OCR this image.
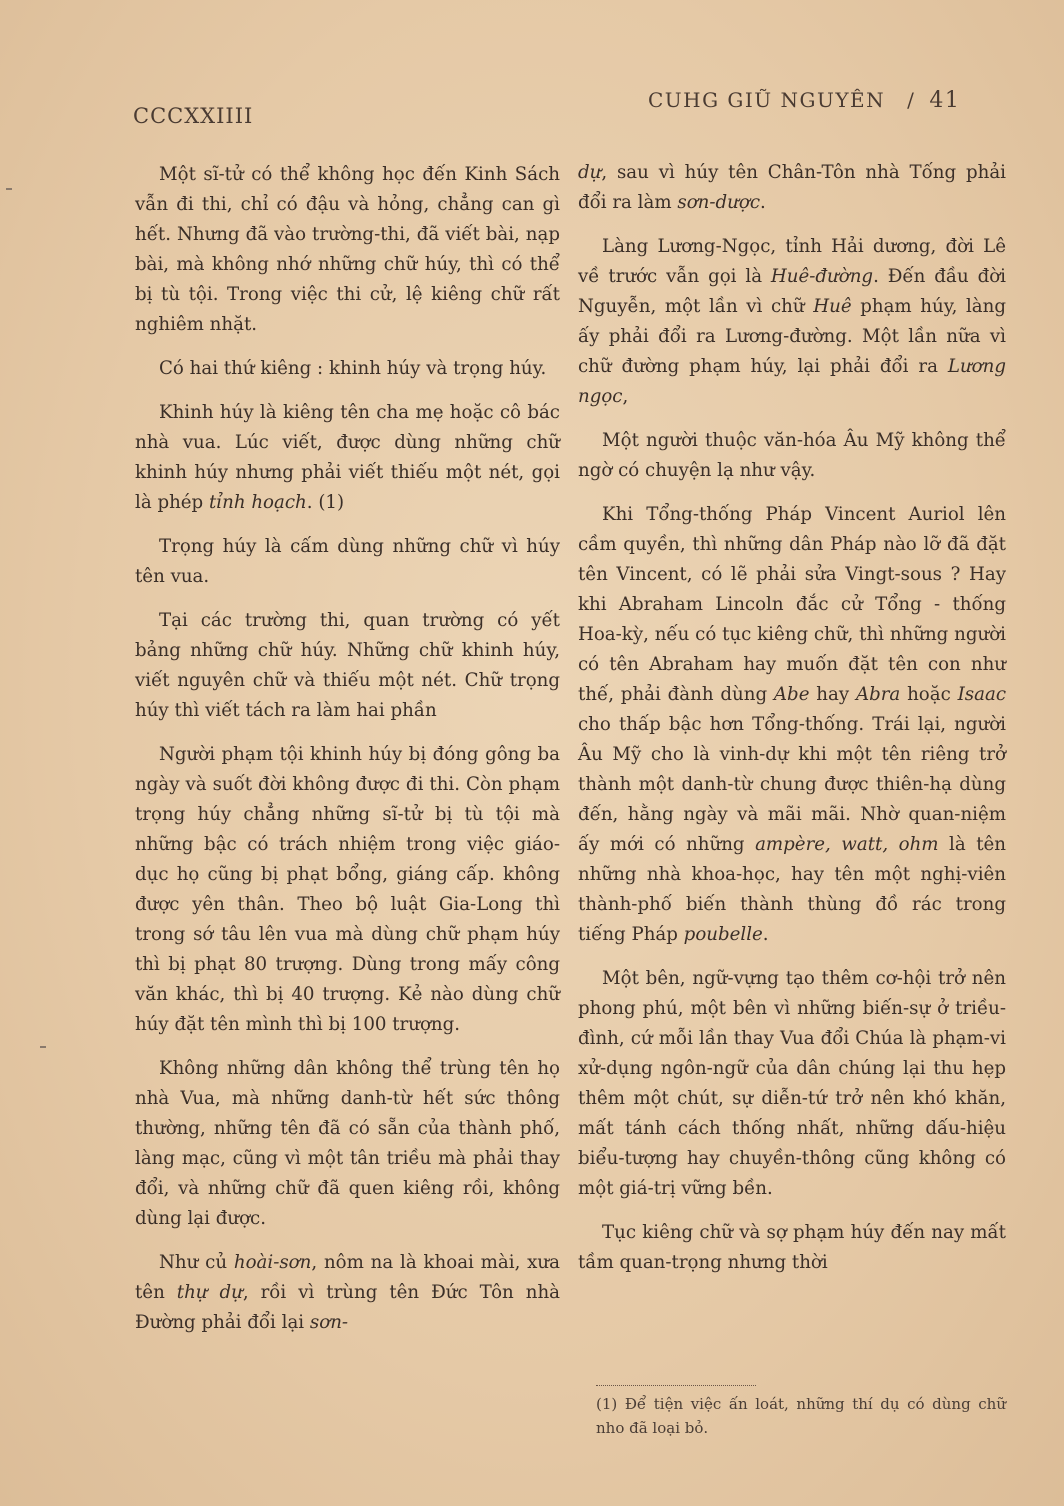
CCCXXIIII
CUHG GIŨ NGUYÊN / 41

Một sĩ-tử có thể không học đến Kinh Sách vẫn đi thi, chỉ có đậu và hỏng, chẳng can gì hết. Nhưng đã vào trường-thi, đã viết bài, nạp bài, mà không nhớ những chữ húy, thì có thể bị tù tội. Trong việc thi cử, lệ kiêng chữ rất nghiêm nhặt.

Có hai thứ kiêng : khinh húy và trọng húy.

Khinh húy là kiêng tên cha mẹ hoặc cô bác nhà vua. Lúc viết, được dùng những chữ khinh húy nhưng phải viết thiếu một nét, gọi là phép tỉnh hoạch. (1)

Trọng húy là cấm dùng những chữ vì húy tên vua.

Tại các trường thi, quan trường có yết bảng những chữ húy. Những chữ khinh húy, viết nguyên chữ và thiếu một nét. Chữ trọng húy thì viết tách ra làm hai phần

Người phạm tội khinh húy bị đóng gông ba ngày và suốt đời không được đi thi. Còn phạm trọng húy chẳng những sĩ-tử bị tù tội mà những bậc có trách nhiệm trong việc giáo-dục họ cũng bị phạt bổng, giáng cấp. không được yên thân. Theo bộ luật Gia-Long thì trong sớ tâu lên vua mà dùng chữ phạm húy thì bị phạt 80 trượng. Dùng trong mấy công văn khác, thì bị 40 trượng. Kẻ nào dùng chữ húy đặt tên mình thì bị 100 trượng.

Không những dân không thể trùng tên họ nhà Vua, mà những danh-từ hết sức thông thường, những tên đã có sẵn của thành phố, làng mạc, cũng vì một tân triều mà phải thay đổi, và những chữ đã quen kiêng rồi, không dùng lại được.

Như củ hoài-sơn, nôm na là khoai mài, xưa tên thự dự, rồi vì trùng tên Đức Tôn nhà Đường phải đổi lại sơn-

dự, sau vì húy tên Chân-Tôn nhà Tống phải đổi ra làm sơn-dược.

Làng Lương-Ngọc, tỉnh Hải dương, đời Lê về trước vẫn gọi là Huê-đường. Đến đầu đời Nguyễn, một lần vì chữ Huê phạm húy, làng ấy phải đổi ra Lương-đường. Một lần nữa vì chữ đường phạm húy, lại phải đổi ra Lương ngọc,

Một người thuộc văn-hóa Âu Mỹ không thể ngờ có chuyện lạ như vậy.

Khi Tổng-thống Pháp Vincent Auriol lên cầm quyền, thì những dân Pháp nào lỡ đã đặt tên Vincent, có lẽ phải sửa Vingt-sous ? Hay khi Abraham Lincoln đắc cử Tổng - thống Hoa-kỳ, nếu có tục kiêng chữ, thì những người có tên Abraham hay muốn đặt tên con như thế, phải đành dùng Abe hay Abra hoặc Isaac cho thấp bậc hơn Tổng-thống. Trái lại, người Âu Mỹ cho là vinh-dự khi một tên riêng trở thành một danh-từ chung được thiên-hạ dùng đến, hằng ngày và mãi mãi. Nhờ quan-niệm ấy mới có những ampère, watt, ohm là tên những nhà khoa-học, hay tên một nghị-viên thành-phố biến thành thùng đồ rác trong tiếng Pháp poubelle.

Một bên, ngữ-vựng tạo thêm cơ-hội trở nên phong phú, một bên vì những biến-sự ở triều-đình, cứ mỗi lần thay Vua đổi Chúa là phạm-vi xử-dụng ngôn-ngữ của dân chúng lại thu hẹp thêm một chút, sự diễn-tứ trở nên khó khăn, mất tánh cách thống nhất, những dấu-hiệu biểu-tượng hay chuyền-thông cũng không có một giá-trị vững bền.

Tục kiêng chữ và sợ phạm húy đến nay mất tầm quan-trọng nhưng thời

(1) Để tiện việc ấn loát, những thí dụ có dùng chữ nho đã loại bỏ.
